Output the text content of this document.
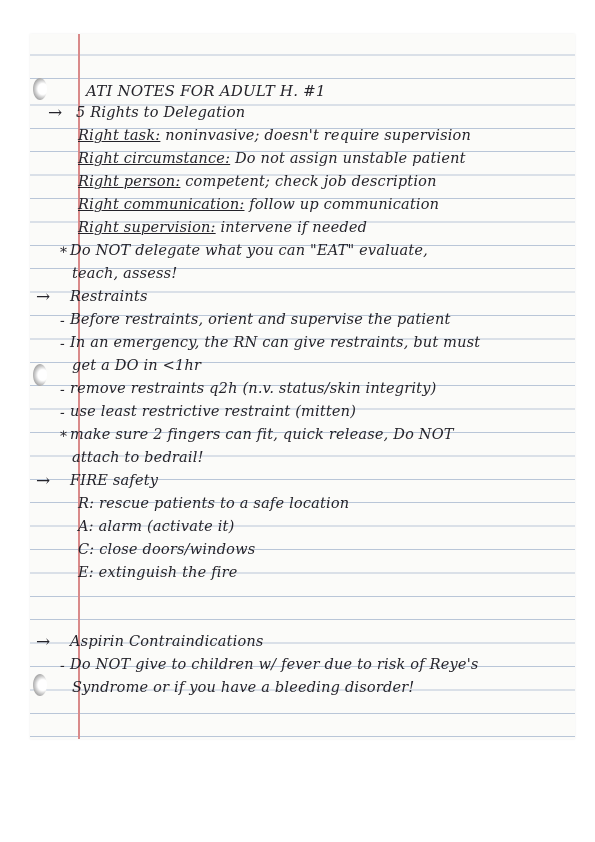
ATI NOTES FOR ADULT H. #1
→ 5 Rights to Delegation
Right task: noninvasive; doesn't require supervision
Right circumstance: Do not assign unstable patient
Right person: competent; check job description
Right communication: follow up communication
Right supervision: intervene if needed
* Do NOT delegate what you can "EAT" evaluate,
teach, assess!
→ Restraints
- Before restraints, orient and supervise the patient
- In an emergency, the RN can give restraints, but must
get a DO in <1hr
- remove restraints q2h (n.v. status/skin integrity)
- use least restrictive restraint (mitten)
* make sure 2 fingers can fit, quick release, Do NOT
attach to bedrail!
→ FIRE safety
R: rescue patients to a safe location
A: alarm (activate it)
C: close doors/windows
E: extinguish the fire
→ Aspirin Contraindications
- Do NOT give to children w/ fever due to risk of Reye's
Syndrome or if you have a bleeding disorder!
